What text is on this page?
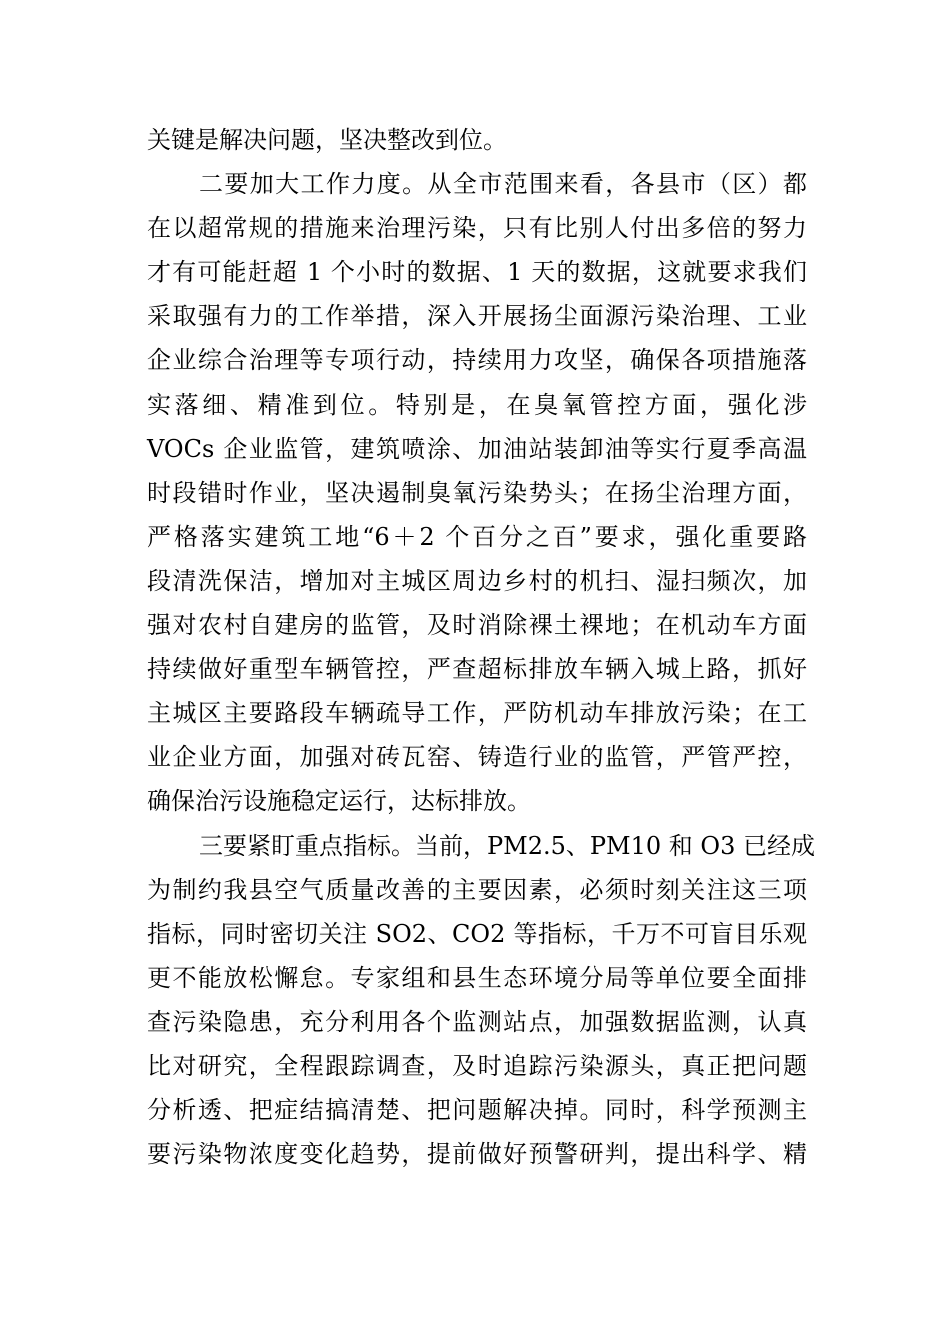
关键是解决问题，坚决整改到位。
二要加大工作力度。从全市范围来看，各县市（区）都
在以超常规的措施来治理污染，只有比别人付出多倍的努力
才有可能赶超 1 个小时的数据、1 天的数据，这就要求我们
采取强有力的工作举措，深入开展扬尘面源污染治理、工业
企业综合治理等专项行动，持续用力攻坚，确保各项措施落
实落细、精准到位。特别是，在臭氧管控方面，强化涉
VOCs 企业监管，建筑喷涂、加油站装卸油等实行夏季高温
时段错时作业，坚决遏制臭氧污染势头；在扬尘治理方面，
严格落实建筑工地“6＋2 个百分之百”要求，强化重要路
段清洗保洁，增加对主城区周边乡村的机扫、湿扫频次，加
强对农村自建房的监管，及时消除裸土裸地；在机动车方面
持续做好重型车辆管控，严查超标排放车辆入城上路，抓好
主城区主要路段车辆疏导工作，严防机动车排放污染；在工
业企业方面，加强对砖瓦窑、铸造行业的监管，严管严控，
确保治污设施稳定运行，达标排放。
三要紧盯重点指标。当前，PM2.5、PM10 和 O3 已经成
为制约我县空气质量改善的主要因素，必须时刻关注这三项
指标，同时密切关注 SO2、CO2 等指标，千万不可盲目乐观
更不能放松懈怠。专家组和县生态环境分局等单位要全面排
查污染隐患，充分利用各个监测站点，加强数据监测，认真
比对研究，全程跟踪调查，及时追踪污染源头，真正把问题
分析透、把症结搞清楚、把问题解决掉。同时，科学预测主
要污染物浓度变化趋势，提前做好预警研判，提出科学、精
